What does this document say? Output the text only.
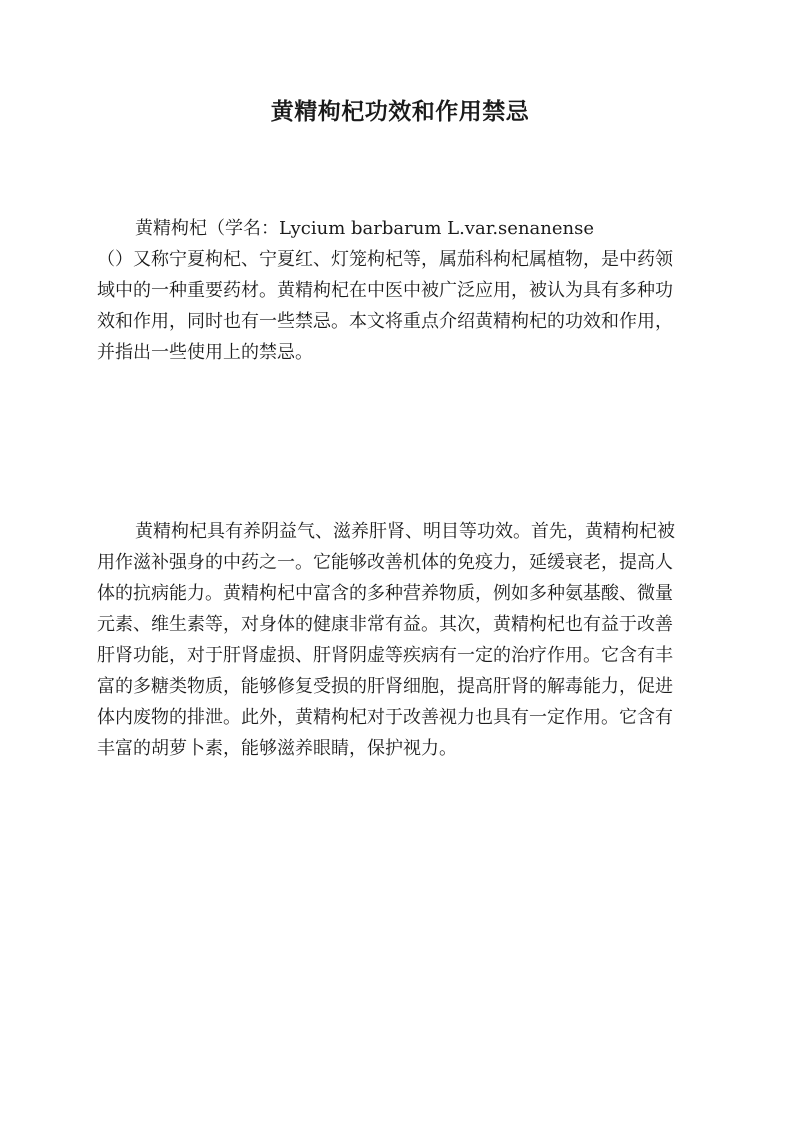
黄精枸杞功效和作用禁忌
黄精枸杞（学名：Lycium barbarum L.var.senanense
（）又称宁夏枸杞、宁夏红、灯笼枸杞等，属茄科枸杞属植物，是中药领
域中的一种重要药材。黄精枸杞在中医中被广泛应用，被认为具有多种功
效和作用，同时也有一些禁忌。本文将重点介绍黄精枸杞的功效和作用，
并指出一些使用上的禁忌。
黄精枸杞具有养阴益气、滋养肝肾、明目等功效。首先，黄精枸杞被
用作滋补强身的中药之一。它能够改善机体的免疫力，延缓衰老，提高人
体的抗病能力。黄精枸杞中富含的多种营养物质，例如多种氨基酸、微量
元素、维生素等，对身体的健康非常有益。其次，黄精枸杞也有益于改善
肝肾功能，对于肝肾虚损、肝肾阴虚等疾病有一定的治疗作用。它含有丰
富的多糖类物质，能够修复受损的肝肾细胞，提高肝肾的解毒能力，促进
体内废物的排泄。此外，黄精枸杞对于改善视力也具有一定作用。它含有
丰富的胡萝卜素，能够滋养眼睛，保护视力。
